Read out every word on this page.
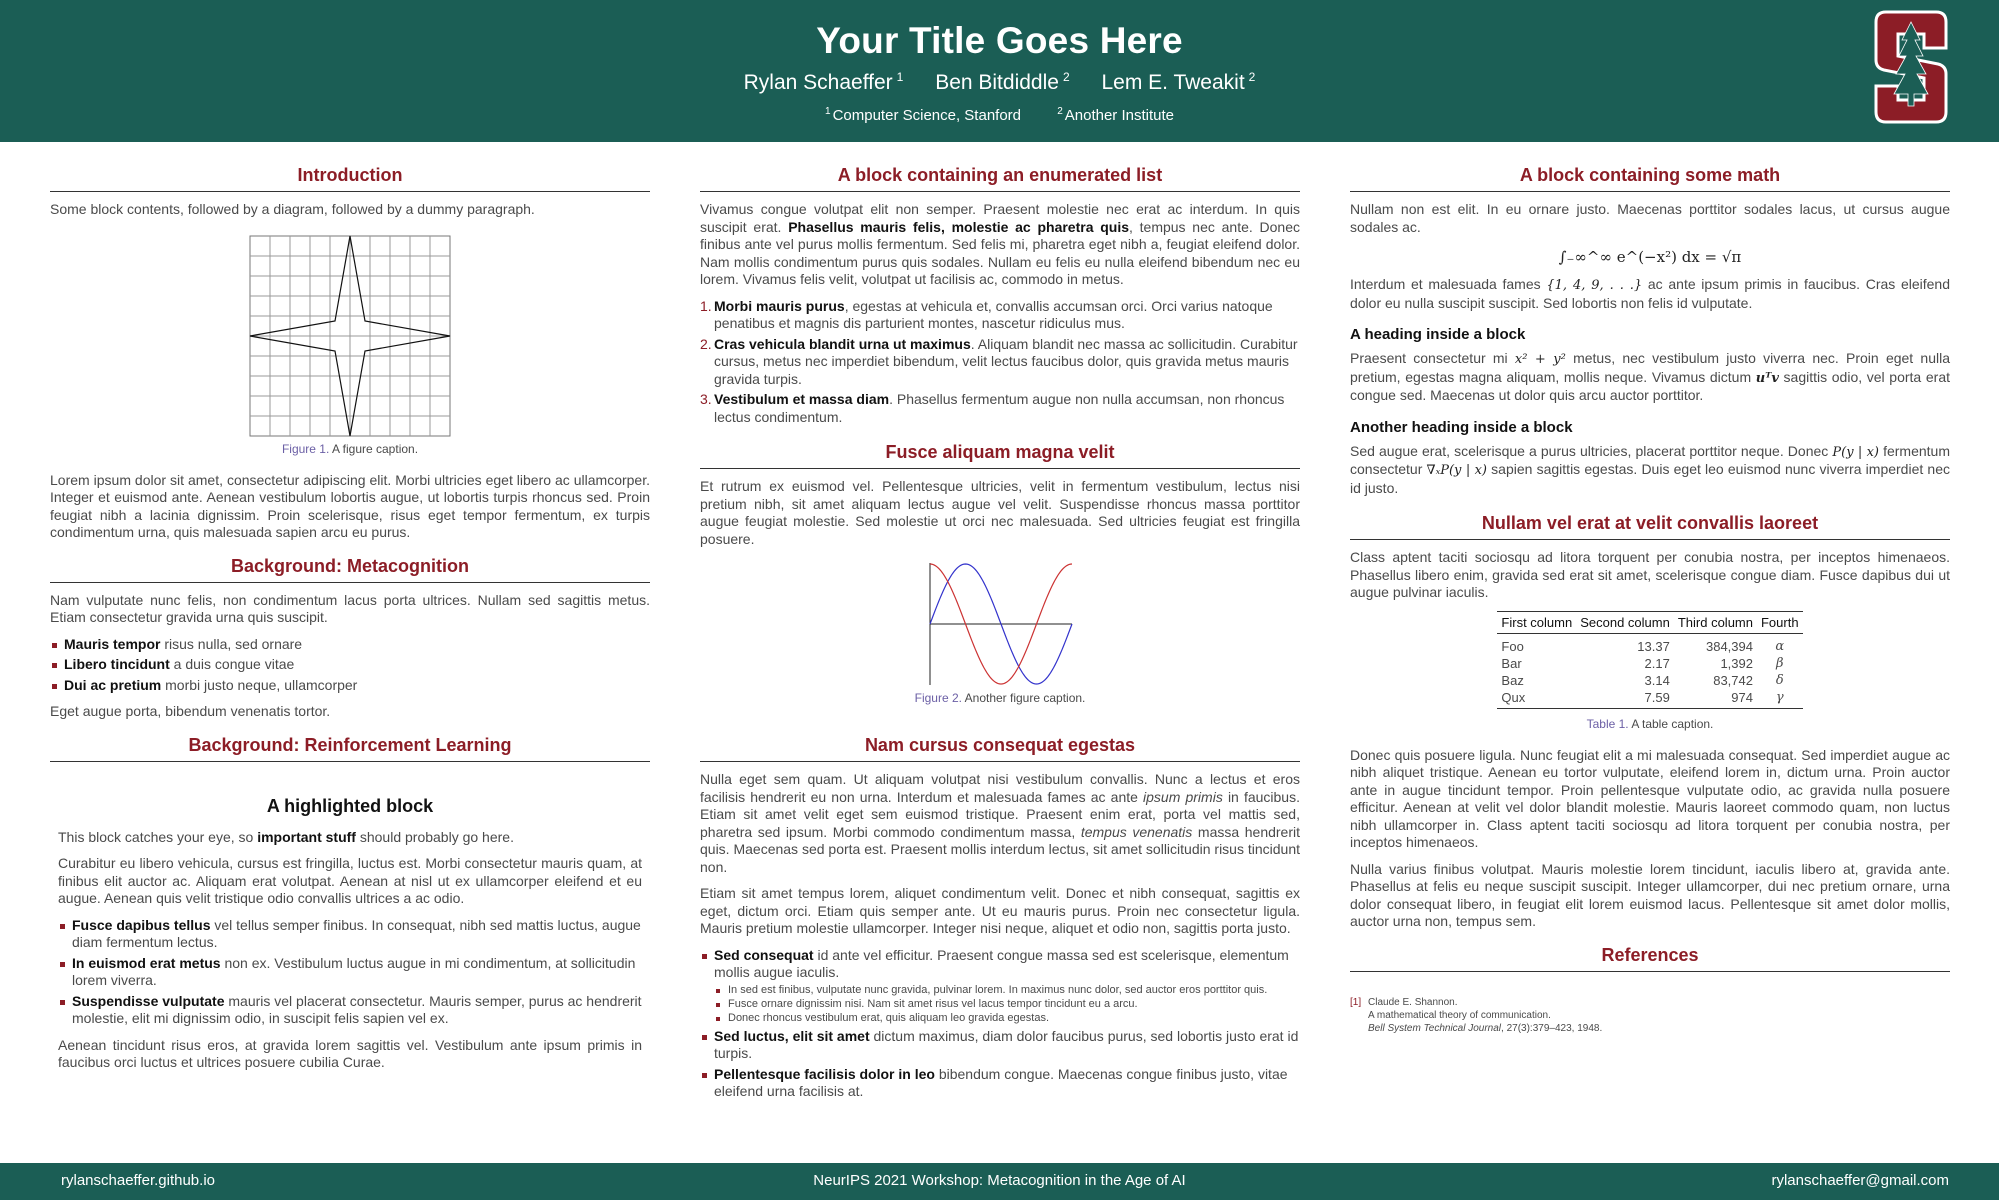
Your Title Goes Here
Rylan Schaeffer $^1$ Ben Bitdiddle $^2$ Lem E. Tweakit $^2$
$^1$ Computer Science, Stanford	$^2$ Another Institute
Introduction

Some block contents, followed by a diagram, followed by a dummy paragraph.

Figure 1. A figure caption.

Lorem ipsum dolor sit amet, consectetur adipiscing elit. Morbi ultricies eget libero ac ullamcorper. Integer et euismod ante. Aenean vestibulum lobortis augue, ut lobortis turpis rhoncus sed. Proin feugiat nibh a lacinia dignissim. Proin scelerisque, risus eget tempor fermentum, ex turpis condimentum urna, quis malesuada sapien arcu eu purus.

Background: Metacognition

Nam vulputate nunc felis, non condimentum lacus porta ultrices. Nullam sed sagittis metus. Etiam consectetur gravida urna quis suscipit.

Mauris tempor risus nulla, sed ornare
Libero tincidunt a duis congue vitae
Dui ac pretium morbi justo neque, ullamcorper

Eget augue porta, bibendum venenatis tortor.

Background: Reinforcement Learning
A highlighted block

This block catches your eye, so important stuff should probably go here.

Curabitur eu libero vehicula, cursus est fringilla, luctus est. Morbi consectetur mauris quam, at finibus elit auctor ac. Aliquam erat volutpat. Aenean at nisl ut ex ullamcorper eleifend et eu augue. Aenean quis velit tristique odio convallis ultrices a ac odio.

Fusce dapibus tellus vel tellus semper finibus. In consequat, nibh sed mattis luctus, augue diam fermentum lectus.
In euismod erat metus non ex. Vestibulum luctus augue in mi condimentum, at sollicitudin lorem viverra.
Suspendisse vulputate mauris vel placerat consectetur. Mauris semper, purus ac hendrerit molestie, elit mi dignissim odio, in suscipit felis sapien vel ex.

Aenean tincidunt risus eros, at gravida lorem sagittis vel. Vestibulum ante ipsum primis in faucibus orci luctus et ultrices posuere cubilia Curae.

A block containing an enumerated list

Vivamus congue volutpat elit non semper. Praesent molestie nec erat ac interdum. In quis suscipit erat. Phasellus mauris felis, molestie ac pharetra quis, tempus nec ante. Donec finibus ante vel purus mollis fermentum. Sed felis mi, pharetra eget nibh a, feugiat eleifend dolor. Nam mollis condimentum purus quis sodales. Nullam eu felis eu nulla eleifend bibendum nec eu lorem. Vivamus felis velit, volutpat ut facilisis ac, commodo in metus.

1. Morbi mauris purus, egestas at vehicula et, convallis accumsan orci. Orci varius natoque penatibus et magnis dis parturient montes, nascetur ridiculus mus.
2. Cras vehicula blandit urna ut maximus. Aliquam blandit nec massa ac sollicitudin. Curabitur cursus, metus nec imperdiet bibendum, velit lectus faucibus dolor, quis gravida metus mauris gravida turpis.
3. Vestibulum et massa diam. Phasellus fermentum augue non nulla accumsan, non rhoncus lectus condimentum.
Fusce aliquam magna velit

Et rutrum ex euismod vel. Pellentesque ultricies, velit in fermentum vestibulum, lectus nisi pretium nibh, sit amet aliquam lectus augue vel velit. Suspendisse rhoncus massa porttitor augue feugiat molestie. Sed molestie ut orci nec malesuada. Sed ultricies feugiat est fringilla posuere.

Figure 2. Another figure caption.
Nam cursus consequat egestas

Nulla eget sem quam. Ut aliquam volutpat nisi vestibulum convallis. Nunc a lectus et eros facilisis hendrerit eu non urna. Interdum et malesuada fames ac ante ipsum primis in faucibus. Etiam sit amet velit eget sem euismod tristique. Praesent enim erat, porta vel mattis sed, pharetra sed ipsum. Morbi commodo condimentum massa, tempus venenatis massa hendrerit quis. Maecenas sed porta est. Praesent mollis interdum lectus, sit amet sollicitudin risus tincidunt non.

Etiam sit amet tempus lorem, aliquet condimentum velit. Donec et nibh consequat, sagittis ex eget, dictum orci. Etiam quis semper ante. Ut eu mauris purus. Proin nec consectetur ligula. Mauris pretium molestie ullamcorper. Integer nisi neque, aliquet et odio non, sagittis porta justo.

Sed consequat id ante vel efficitur. Praesent congue massa sed est scelerisque, elementum mollis augue iaculis.
In sed est finibus, vulputate nunc gravida, pulvinar lorem. In maximus nunc dolor, sed auctor eros porttitor quis.
Fusce ornare dignissim nisi. Nam sit amet risus vel lacus tempor tincidunt eu a arcu.
Donec rhoncus vestibulum erat, quis aliquam leo gravida egestas.
Sed luctus, elit sit amet dictum maximus, diam dolor faucibus purus, sed lobortis justo erat id turpis.
Pellentesque facilisis dolor in leo bibendum congue. Maecenas congue finibus justo, vitae eleifend urna facilisis at.
A block containing some math

Nullam non est elit. In eu ornare justo. Maecenas porttitor sodales lacus, ut cursus augue sodales ac.

∫₋∞^∞ e^(−x²) dx = √π

Interdum et malesuada fames {1, 4, 9, . . .} ac ante ipsum primis in faucibus. Cras eleifend dolor eu nulla suscipit suscipit. Sed lobortis non felis id vulputate.

A heading inside a block

Praesent consectetur mi x² + y² metus, nec vestibulum justo viverra nec. Proin eget nulla pretium, egestas magna aliquam, mollis neque. Vivamus dictum uᵀv sagittis odio, vel porta erat congue sed. Maecenas ut dolor quis arcu auctor porttitor.

Another heading inside a block

Sed augue erat, scelerisque a purus ultricies, placerat porttitor neque. Donec P(y | x) fermentum consectetur ∇ₓP(y | x) sapien sagittis egestas. Duis eget leo euismod nunc viverra imperdiet nec id justo.

Nullam vel erat at velit convallis laoreet

Class aptent taciti sociosqu ad litora torquent per conubia nostra, per inceptos himenaeos. Phasellus libero enim, gravida sed erat sit amet, scelerisque congue diam. Fusce dapibus dui ut augue pulvinar iaculis.

First column	Second column	Third column	Fourth
Foo	13.37	384,394	α
Bar	2.17	1,392	β
Baz	3.14	83,742	δ
Qux	7.59	974	γ
Table 1. A table caption.

Donec quis posuere ligula. Nunc feugiat elit a mi malesuada consequat. Sed imperdiet augue ac nibh aliquet tristique. Aenean eu tortor vulputate, eleifend lorem in, dictum urna. Proin auctor ante in augue tincidunt tempor. Proin pellentesque vulputate odio, ac gravida nulla posuere efficitur. Aenean at velit vel dolor blandit molestie. Mauris laoreet commodo quam, non luctus nibh ullamcorper in. Class aptent taciti sociosqu ad litora torquent per conubia nostra, per inceptos himenaeos.

Nulla varius finibus volutpat. Mauris molestie lorem tincidunt, iaculis libero at, gravida ante. Phasellus at felis eu neque suscipit suscipit. Integer ullamcorper, dui nec pretium ornare, urna dolor consequat libero, in feugiat elit lorem euismod lacus. Pellentesque sit amet dolor mollis, auctor urna non, tempus sem.

References
[1] Claude E. Shannon.
A mathematical theory of communication.
Bell System Technical Journal, 27(3):379–423, 1948.
rylanschaeffer.github.io	NeurIPS 2021 Workshop: Metacognition in the Age of AI	rylanschaeffer@gmail.com
